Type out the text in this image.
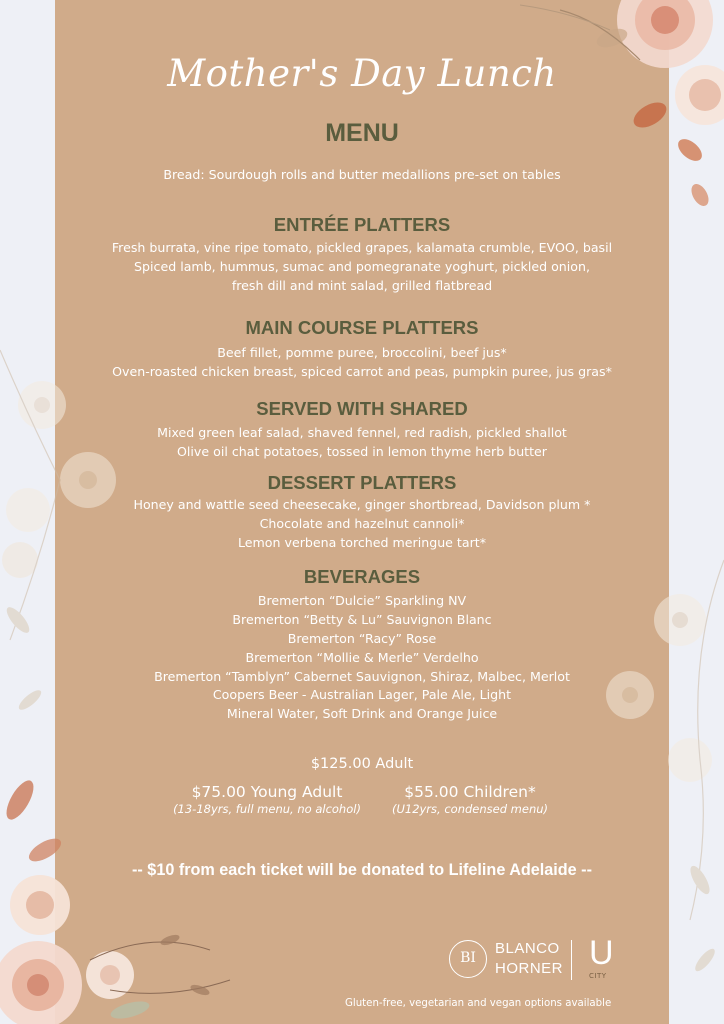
Mother's Day Lunch
MENU
Bread: Sourdough rolls and butter medallions pre-set on tables
ENTRÉE PLATTERS
Fresh burrata, vine ripe tomato, pickled grapes, kalamata crumble, EVOO, basil
Spiced lamb, hummus, sumac and pomegranate yoghurt, pickled onion,
fresh dill and mint salad, grilled flatbread
MAIN COURSE PLATTERS
Beef fillet, pomme puree, broccolini, beef jus*
Oven-roasted chicken breast, spiced carrot and peas, pumpkin puree, jus gras*
SERVED WITH SHARED
Mixed green leaf salad, shaved fennel, red radish, pickled shallot
Olive oil chat potatoes, tossed in lemon thyme herb butter
DESSERT PLATTERS
Honey and wattle seed cheesecake, ginger shortbread, Davidson plum *
Chocolate and hazelnut cannoli*
Lemon verbena torched meringue tart*
BEVERAGES
Bremerton “Dulcie” Sparkling NV
Bremerton “Betty & Lu” Sauvignon Blanc
Bremerton “Racy” Rose
Bremerton “Mollie & Merle” Verdelho
Bremerton “Tamblyn” Cabernet Sauvignon, Shiraz, Malbec, Merlot
Coopers Beer - Australian Lager, Pale Ale, Light
Mineral Water, Soft Drink and Orange Juice
$125.00 Adult
$75.00 Young Adult
(13-18yrs, full menu, no alcohol)
$55.00 Children*
(U12yrs, condensed menu)
-- $10 from each ticket will be donated to Lifeline Adelaide --
BI
BLANCO
HORNER U
CITY
Gluten-free, vegetarian and vegan options available
